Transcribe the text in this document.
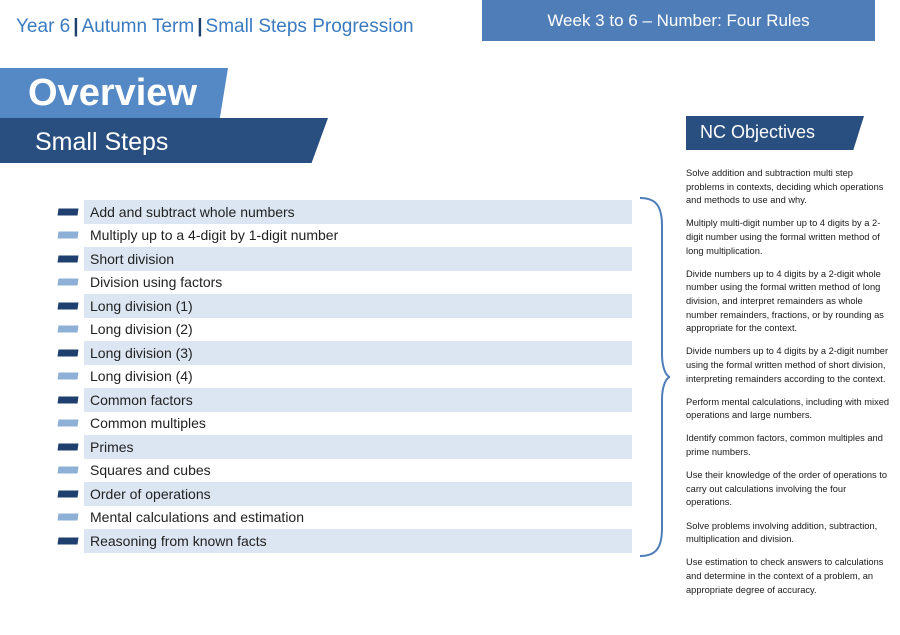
Year 6 | Autumn Term | Small Steps Progression	Week 3 to 6 – Number: Four Rules
Overview
Small Steps
Add and subtract whole numbers
Multiply up to a 4-digit by 1-digit number
Short division
Division using factors
Long division (1)
Long division (2)
Long division (3)
Long division (4)
Common factors
Common multiples
Primes
Squares and cubes
Order of operations
Mental calculations and estimation
Reasoning from known facts
NC Objectives

Solve addition and subtraction multi step problems in contexts, deciding which operations and methods to use and why.

Multiply multi-digit number up to 4 digits by a 2-digit number using the formal written method of long multiplication.

Divide numbers up to 4 digits by a 2-digit whole number using the formal written method of long division, and interpret remainders as whole number remainders, fractions, or by rounding as appropriate for the context.

Divide numbers up to 4 digits by a 2-digit number using the formal written method of short division, interpreting remainders according to the context.

Perform mental calculations, including with mixed operations and large numbers.

Identify common factors, common multiples and prime numbers.

Use their knowledge of the order of operations to carry out calculations involving the four operations.

Solve problems involving addition, subtraction, multiplication and division.

Use estimation to check answers to calculations and determine in the context of a problem, an appropriate degree of accuracy.
